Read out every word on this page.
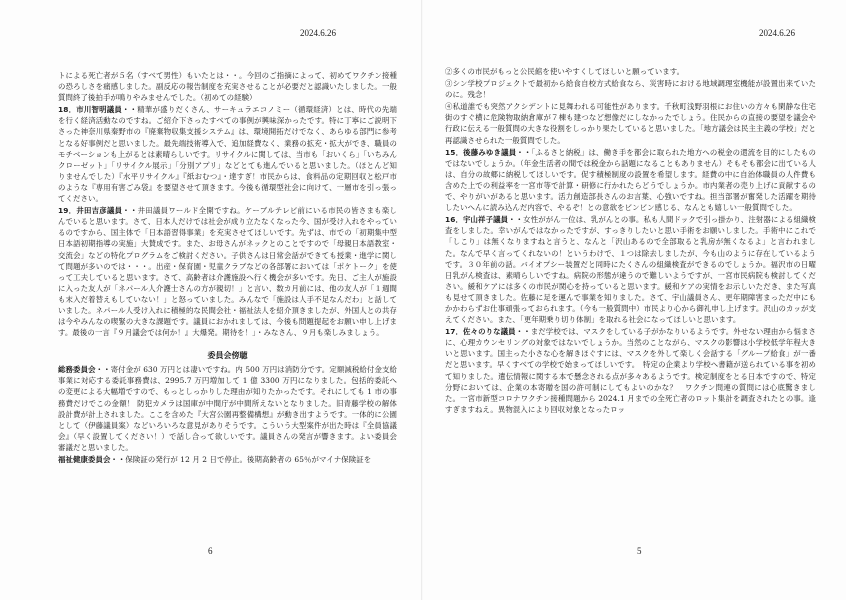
2024.6.26

トによる死亡者が５名（すべて男性）もいたとは・・。今回のご指摘によって、初めてワクチン接種の恐ろしさを痛感しました。副反応の報告制度を充実させることが必要だと認識いたしました。一般質問終了後拍手が鳴りやみませんでした。（初めての経験）

18．市川智明議員・・精華が盛りだくさん、サーキュラエコノミー（循環経済）とは、時代の先端を行く経済活動なのですね。ご紹介下さったすべての事例が興味深かったです。特に丁寧にご説明下さった神奈川県秦野市の『廃棄物収集支援システム』は、環境開拓だけでなく、あらゆる部門に参考となる好事例だと思いました。最先端技術導入で、追加経費なく、業務の拡充・拡大ができ、職員のモチベーションも上がるとは素晴らしいです。リサイクルに関しては、当市も「おいくら」「いちみんクローゼット」「リサイクル展示」「分別アプリ」などとても進んでいると思いました。（ほとんど知りませんでした）『水平リサイクル』『紙おむつ』・達すぎ！市民からは、食料品の定期回収と松戸市のような『専用有害ごみ袋』を要望させて頂きます。今後も循環型社会に向けて、一層市を引っ張ってください。

19．井田吉彦議員・・井田議員ワールド全開ですね。ケーブルテレビ前にいる市民の皆さまも楽しんでいると思います。さて、日本人だけでは社会が成り立たなくなった今、国が受け入れをやっているのですから、国主体で「日本語習得事業」を充実させてほしいです。先ずは、市での「初期集中型日本語初期指導の実施」大賛成です。また、お母さんがネックとのことですので「母親日本語教室・交流会」などの特化プログラムをご検討ください。子供さんは日常会話ができても授業・進学に関して問題が多いのでは・・・。出産・保育園・児童クラブなどの各部署においては「ポケトーク」を使って工夫していると思います。さて、高齢者は介護施設へ行く機会が多いです。先日、ご主人が施設に入った友人が「ネパール人介護士さんの方が親切！」と言い、数カ月前には、他の友人が「１週間も末入だ着替えもしていない！」と怒っていました。みんなで「施設は人手不足なんだわ」と話していました。ネパール人受け入れに積極的な民間会社・福祉法人を紹介頂きましたが、外国人との共存は今やみんなの喫緊の大きな課題です。議員におかれましては、今後も問題提起をお願い申し上げます。最後の一言『９月議会では何か！』大爆発。期待を！」・みなさん、９月も楽しみましょう。

委員会傍聴

総務委員会・・寄付金が 630 万円とは凄いですね。内 500 万円は消防分です。定額減税給付金支給事業に対応する委託事務費は、2995.7 万円増加して 1 億 3300 万円になりました。包括的委託への変更による大幅増ですので、もっとしっかりした理由が知りたかったです。それにしても 1 市の事務費だけでこの金額！ 防犯カメラは国庫が中間庁が中間所えないとなりました。旧青藤学校の解体設計費が計上されました。ここを含めた『大宮公園再整備構想』が動き出すようです。一体的に公園として（伊藤議員案）などいろいろな意見がありそうです。こういう大型案件が出た時は『全員協議会』（早く設置してください！）で話し合って欲しいです。議員さんの発言が響きます。よい委員会審議だと思いました。

福祉健康委員会・・保険証の発行が 12 月 2 日で停止。後期高齢者の 65％がマイナ保険証を

6
2024.6.26

②多くの市民がもっと公民館を使いやすくしてほしいと願っています。

③シン学校プロジェクトで最初から給食自校方式給食なら、災害時における地域調理室機能が設置出来ていたのに。残念！

④私道誰でも突然アクシデントに見舞われる可能性があります。千秋町浅野羽根にお住いの方々も閑静な住宅街のすぐ横に危険物取納倉庫が７棟も建つなど想像だにしなかったでしょう。住民からの直接の要望を議会や行政に伝える一般質問の大きな役割をしっかり果たしていると思いました。「地方議会は民主主義の学校」だと再認識させられた一般質問でした。

15．後藤みゆき議員・・「ふるさと納税」は、働き手を都会に取られた地方への税金の還流を目的にしたものではないでしょうか。（年金生活者の間では税金から話題になることもありません）そもそも都会に出ている人は、自分の故郷に納税してほしいです。促す積極制度の設置を希望します。経費の中に自治体職員の人件費も含めた上での利益率を一宮市等で計算・研修に行かれたらどうでしょうか。市内業者の売り上げに貢献するので、やりがいがあると思います。活力創造部長さんのお言葉、心強いですね。担当部署が奮発した活躍を期待したいへんに読み込んだ内容で、やるぞ！との意欲をビンビン感じる、なんとも嬉しい一般質問でした。

16．宇山祥子議員・・女性ががん一位は、乳がんとの事。私も人間ドックで引っ掛かり、注射器による組織検査をしました。幸いがんではなかったですが、すっきりしたいと思い手術をお願いしました。手術中にこれで「しこり」は無くなりますねと言うと、なんと「沢山あるので全部取ると乳房が無くなるよ」と言われました。なんで早く言ってくれないの！というわけで、１つは除去しましたが、今も山のように存在しているようです。３０年前の話。バイオプシー装置だと同時にたくさんの組織検査ができるのでしょうか。福沢市の日曜日乳がん検査は、素晴らしいですね。病院の形態が違うので難しいようですが、一宮市民病院も検討してください。緩和ケアには多くの市民が関心を持っていると思います。緩和ケアの実情をお示しいただき、また写真も見せて頂きました。佐藤に足を運んで事業を知りました。さて、宇山議員さん、更年期障害まっただ中にもかかわらずお仕事頑張っておられます。（今も一般質問中）市民より心から御礼申し上げます。沢山のカッが支えてください。また、「更年期乗り切り体制」を取れる社会になってほしいと思います。

17．佐々のりな議員・・まだ学校では、マスクをしている子がかなりいるようです。外せない理由から悩まさに、心理カウンセリングの対象ではないでしょうか。当然のことながら、マスクの影響は小学校低学年程大きいと思います。国主った小さな心を解きほぐすには、マスクを外して楽しく会話する「グループ給食」が一番だと思います。早くすべての学校で始まってほしいです。　特定の企業より学校へ書籍が送られている事を初めて知りました。遺伝情報に関する本で懸念される点が多々あるようです。検定制度をとる日本ですので、特定分野においては、企業の本寄贈を国の許可制にしてもよいのかな？　ワクチン問連の質問には心底驚きました。一宮市新型コロナワクチン接種問題から 2024.1 月までの全死亡者のロット集計を調査されたとの事。逢すぎますねえ。異物混入により回収対象となったロッ

5
